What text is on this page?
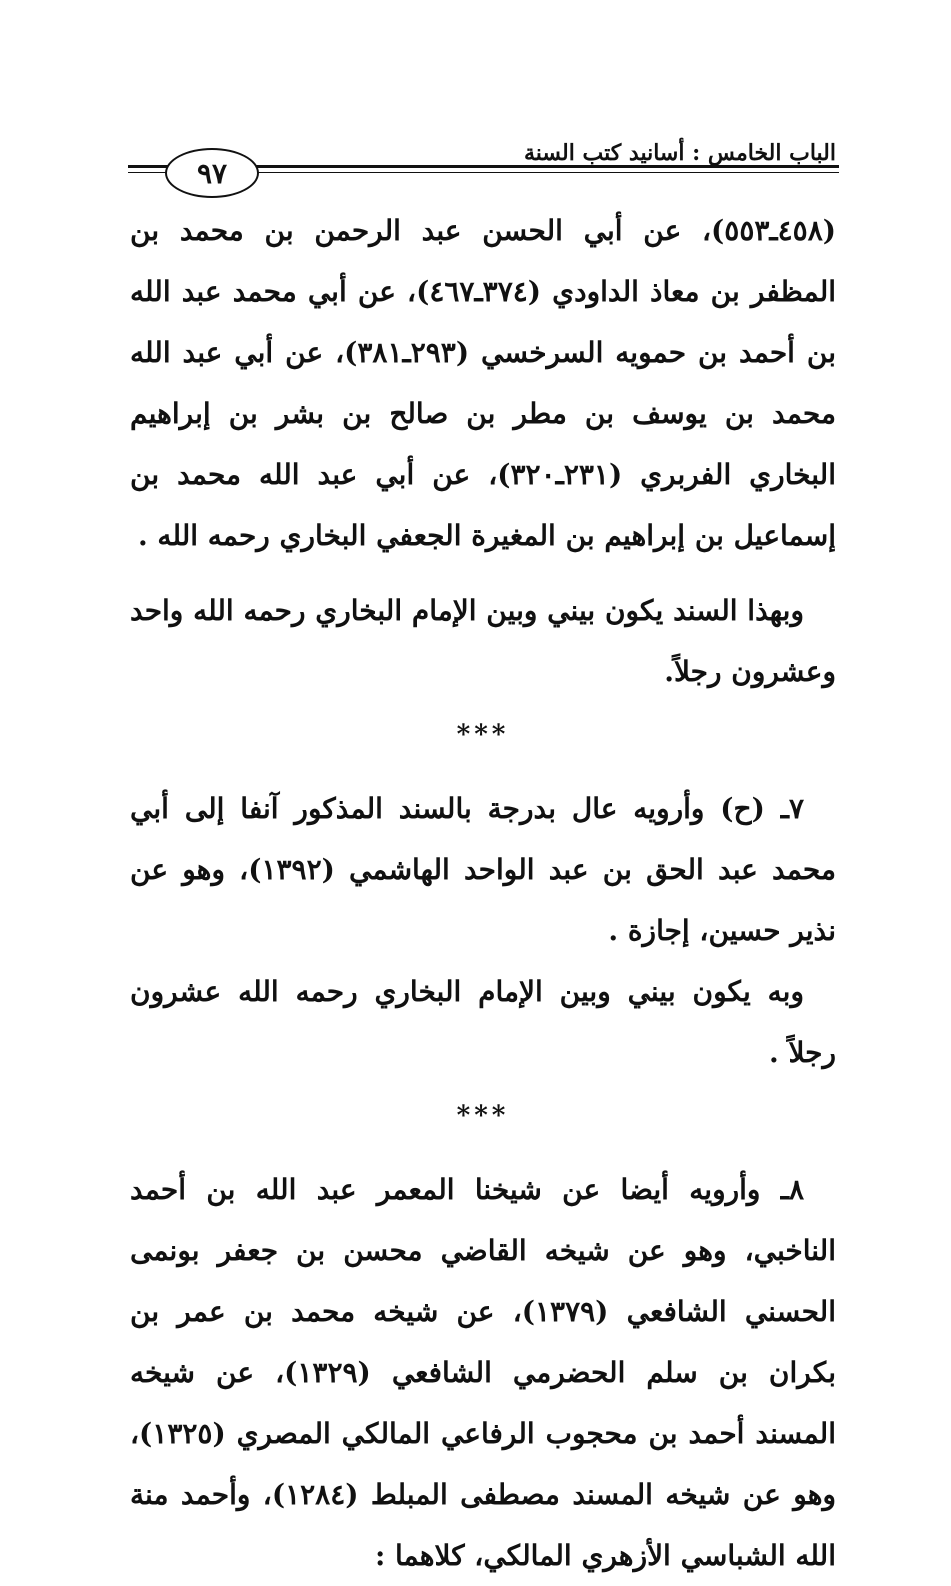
الباب الخامس : أسانيد كتب السنة
٩٧

(٤٥٨ـ٥٥٣)، عن أبي الحسن عبد الرحمن بن محمد بن المظفر بن معاذ الداودي (٣٧٤ـ٤٦٧)، عن أبي محمد عبد الله بن أحمد بن حمويه السرخسي (٢٩٣ـ٣٨١)، عن أبي عبد الله محمد بن يوسف بن مطر بن صالح بن بشر بن إبراهيم البخاري الفربري (٢٣١ـ٣٢٠)، عن أبي عبد الله محمد بن إسماعيل بن إبراهيم بن المغيرة الجعفي البخاري رحمه الله .

وبهذا السند يكون بيني وبين الإمام البخاري رحمه الله واحد وعشرون رجلاً.

***

٧ـ (ح) وأرويه عال بدرجة بالسند المذكور آنفا إلى أبي محمد عبد الحق بن عبد الواحد الهاشمي (١٣٩٢)، وهو عن نذير حسين، إجازة .

وبه يكون بيني وبين الإمام البخاري رحمه الله عشرون رجلاً .

***

٨ـ وأرويه أيضا عن شيخنا المعمر عبد الله بن أحمد الناخبي، وهو عن شيخه القاضي محسن بن جعفر بونمى الحسني الشافعي (١٣٧٩)، عن شيخه محمد بن عمر بن بكران بن سلم الحضرمي الشافعي (١٣٢٩)، عن شيخه المسند أحمد بن محجوب الرفاعي المالكي المصري (١٣٢٥)، وهو عن شيخه المسند مصطفى المبلط (١٢٨٤)، وأحمد منة الله الشباسي الأزهري المالكي، كلاهما :
